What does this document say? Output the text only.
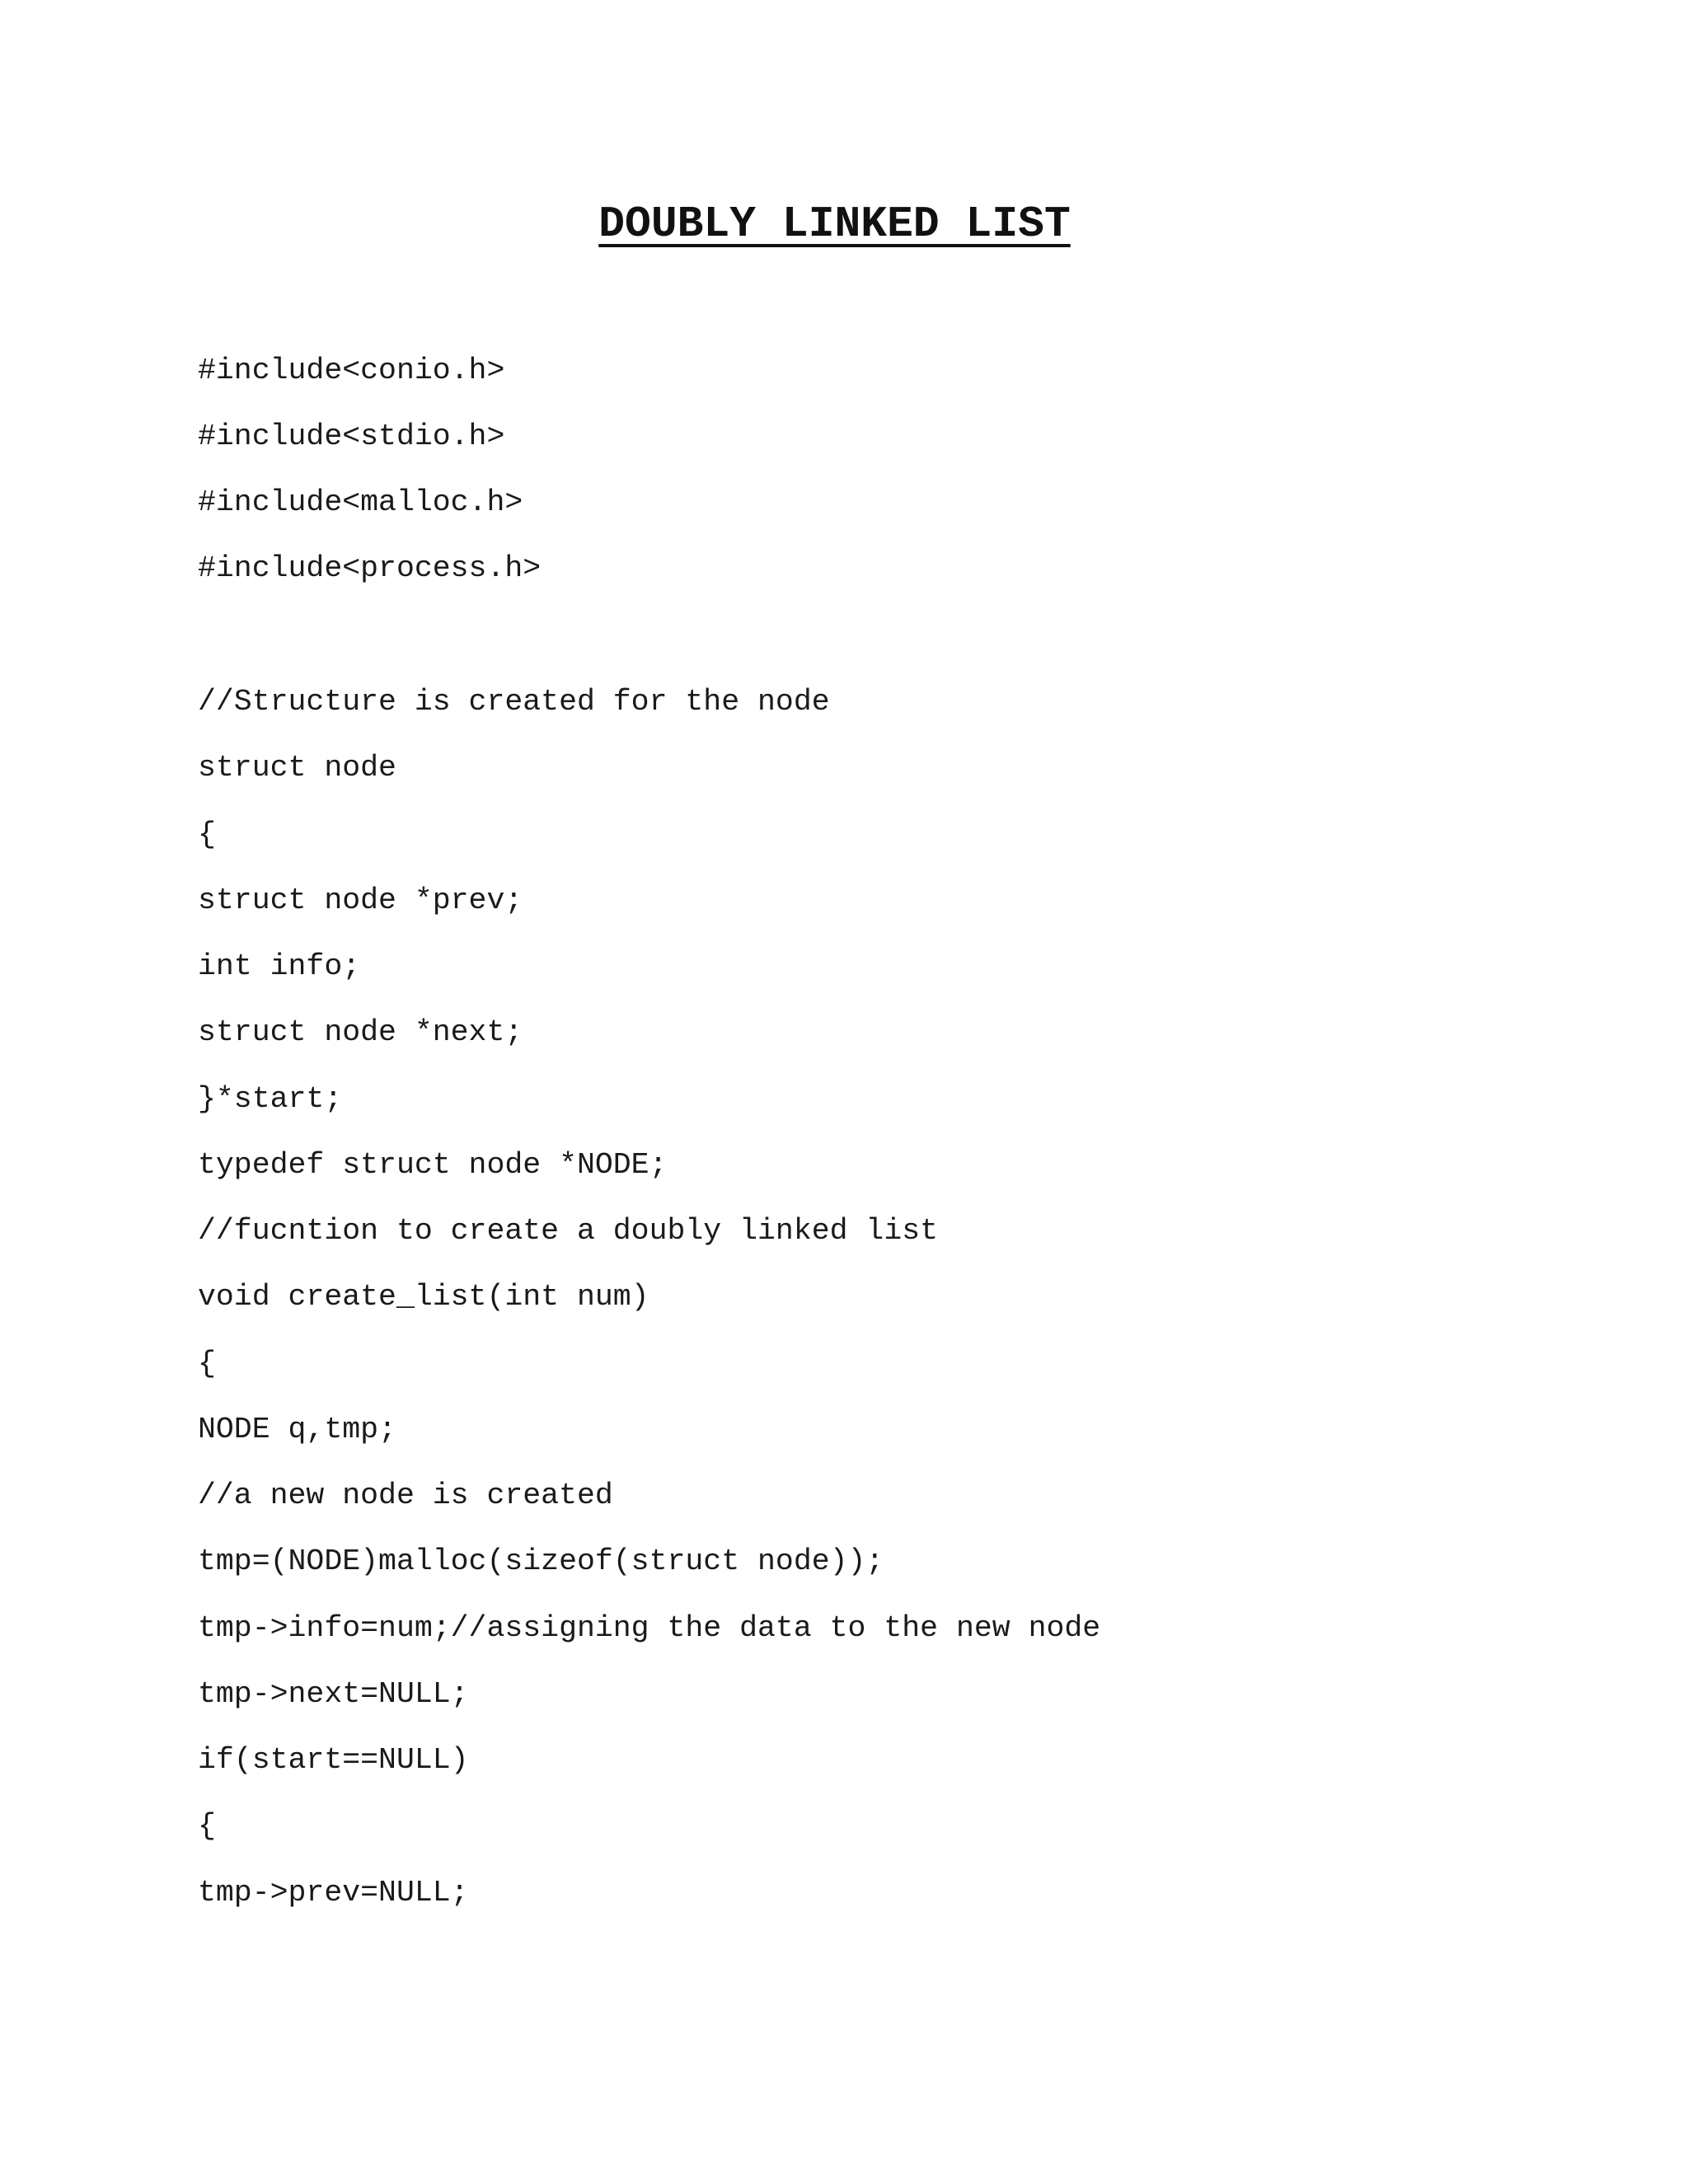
DOUBLY LINKED LIST
#include<conio.h>
#include<stdio.h>
#include<malloc.h>
#include<process.h>
//Structure is created for the node
struct node
{
struct node *prev;
int info;
struct node *next;
}*start;
typedef struct node *NODE;
//fucntion to create a doubly linked list
void create_list(int num)
{
NODE q,tmp;
//a new node is created
tmp=(NODE)malloc(sizeof(struct node));
tmp->info=num;//assigning the data to the new node
tmp->next=NULL;
if(start==NULL)
{
tmp->prev=NULL;
